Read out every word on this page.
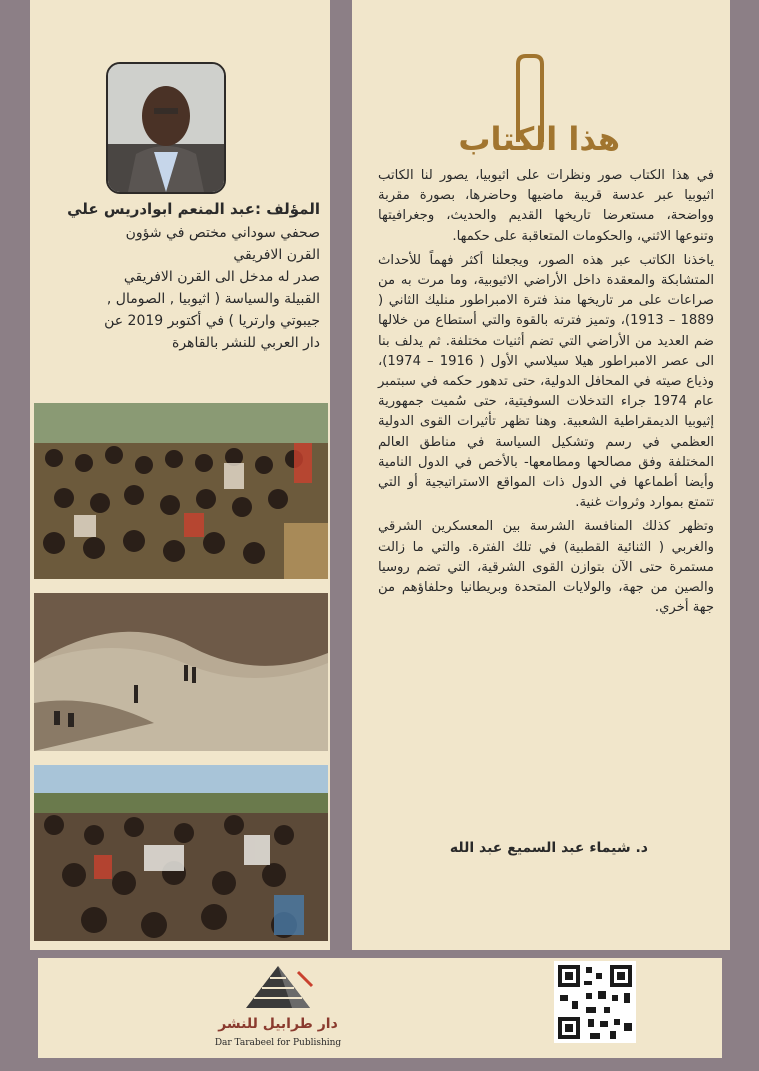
المؤلف :عبد المنعم ابوادريس علي
صحفي سوداني مختص في شؤون
القرن الافريقي
صدر له مدخل الى القرن الافريقي
القبيلة والسياسة ( اثيوبيا , الصومال ,
جيبوتي وارتريا ) في أكتوبر 2019 عن
دار العربي للنشر بالقاهرة
هذا الكتاب

في هذا الكتاب صور ونظرات على اثيوبيا، يصور لنا الكاتب اثيوبيا عبر عدسة قريبة ماضيها وحاضرها، بصورة مقربة وواضحة، مستعرضا تاريخها القديم والحديث، وجغرافيتها وتنوعها الاثني، والحكومات المتعاقبة على حكمها.

ياخذنا الكاتب عبر هذه الصور، ويجعلنا أكثر فهماً للأحداث المتشابكة والمعقدة داخل الأراضي الاثيوبية، وما مرت به من صراعات على مر تاريخها منذ فترة الامبراطور منليك الثاني ( 1889 – 1913)، وتميز فترته بالقوة والتي أستطاع من خلالها ضم العديد من الأراضي التي تضم أثنيات مختلفة. ثم يدلف بنا الى عصر الامبراطور هيلا سيلاسي الأول ( 1916 – 1974)، وذياع صيته في المحافل الدولية، حتى تدهور حكمه في سبتمبر عام 1974 جراء التدخلات السوفيتية، حتى سُميت جمهورية إثيوبيا الديمقراطية الشعبية. وهنا تظهر تأثيرات القوى الدولية العظمي في رسم وتشكيل السياسة في مناطق العالم المختلفة وفق مصالحها ومطامعها- بالأخص في الدول النامية وأيضا أطماعها في الدول ذات المواقع الاستراتيجية أو التي تتمتع بموارد وثروات غنية.

وتظهر كذلك المنافسة الشرسة بين المعسكرين الشرقي والغربي ( الثنائية القطبية) في تلك الفترة. والتي ما زالت مستمرة حتى الآن بتوازن القوى الشرقية، التي تضم روسيا والصين من جهة، والولايات المتحدة وبريطانيا وحلفاؤهم من جهة أخري.

د. شيماء عبد السميع عبد الله
دار طرابيل للنشر
Dar Tarabeel for Publishing
